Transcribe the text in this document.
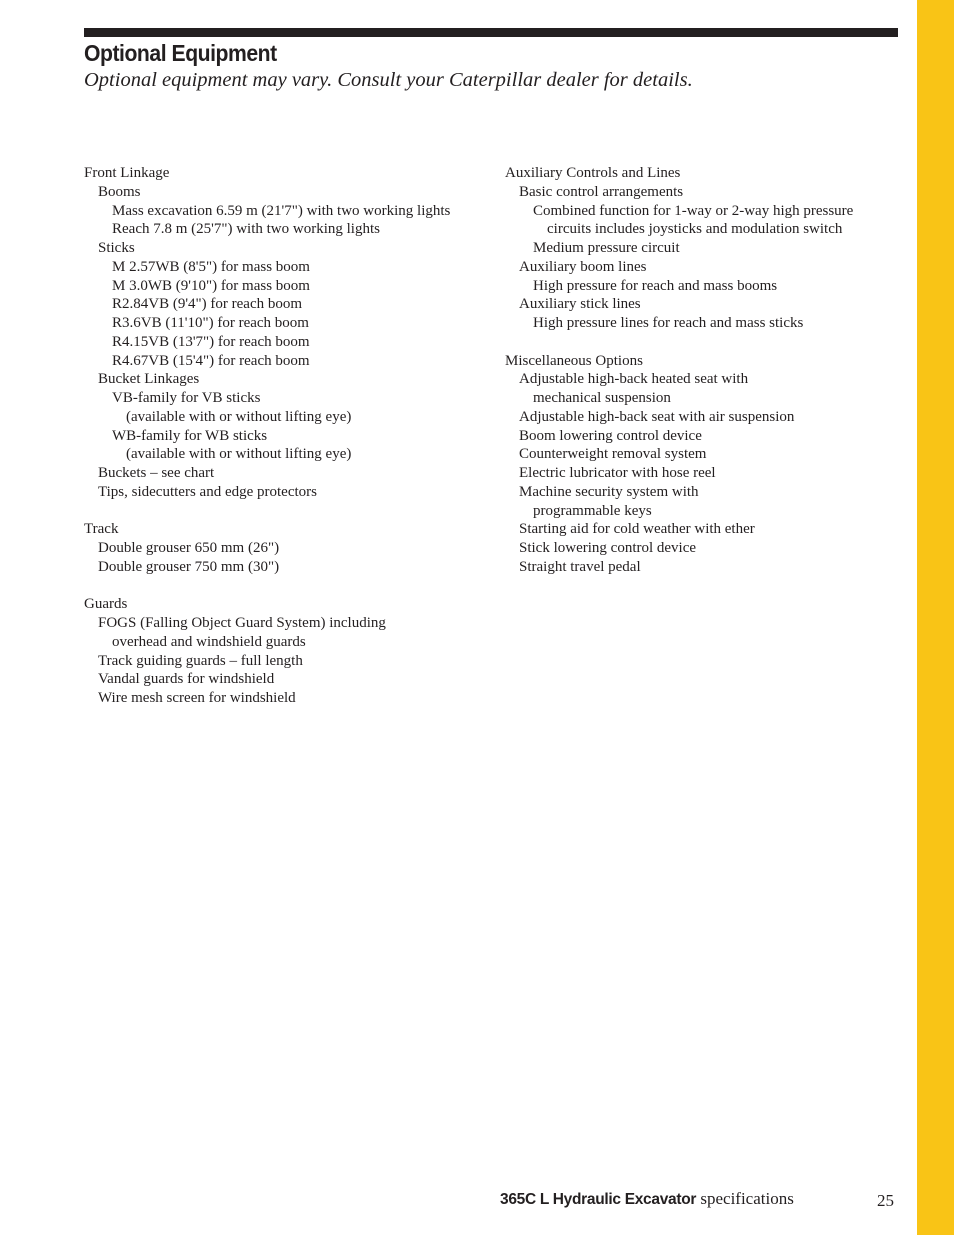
Optional Equipment

Optional equipment may vary. Consult your Caterpillar dealer for details.

Front Linkage
Booms
Mass excavation 6.59 m (21'7") with two working lights
Reach 7.8 m (25'7") with two working lights
Sticks
M 2.57WB (8'5") for mass boom
M 3.0WB (9'10") for mass boom
R2.84VB (9'4") for reach boom
R3.6VB (11'10") for reach boom
R4.15VB (13'7") for reach boom
R4.67VB (15'4") for reach boom
Bucket Linkages
VB-family for VB sticks
(available with or without lifting eye)
WB-family for WB sticks
(available with or without lifting eye)
Buckets – see chart
Tips, sidecutters and edge protectors
Track
Double grouser 650 mm (26")
Double grouser 750 mm (30")
Guards
FOGS (Falling Object Guard System) including
overhead and windshield guards
Track guiding guards – full length
Vandal guards for windshield
Wire mesh screen for windshield
Auxiliary Controls and Lines
Basic control arrangements
Combined function for 1-way or 2-way high pressure
circuits includes joysticks and modulation switch
Medium pressure circuit
Auxiliary boom lines
High pressure for reach and mass booms
Auxiliary stick lines
High pressure lines for reach and mass sticks
Miscellaneous Options
Adjustable high-back heated seat with
mechanical suspension
Adjustable high-back seat with air suspension
Boom lowering control device
Counterweight removal system
Electric lubricator with hose reel
Machine security system with
programmable keys
Starting aid for cold weather with ether
Stick lowering control device
Straight travel pedal
365C L Hydraulic Excavator specifications	25
